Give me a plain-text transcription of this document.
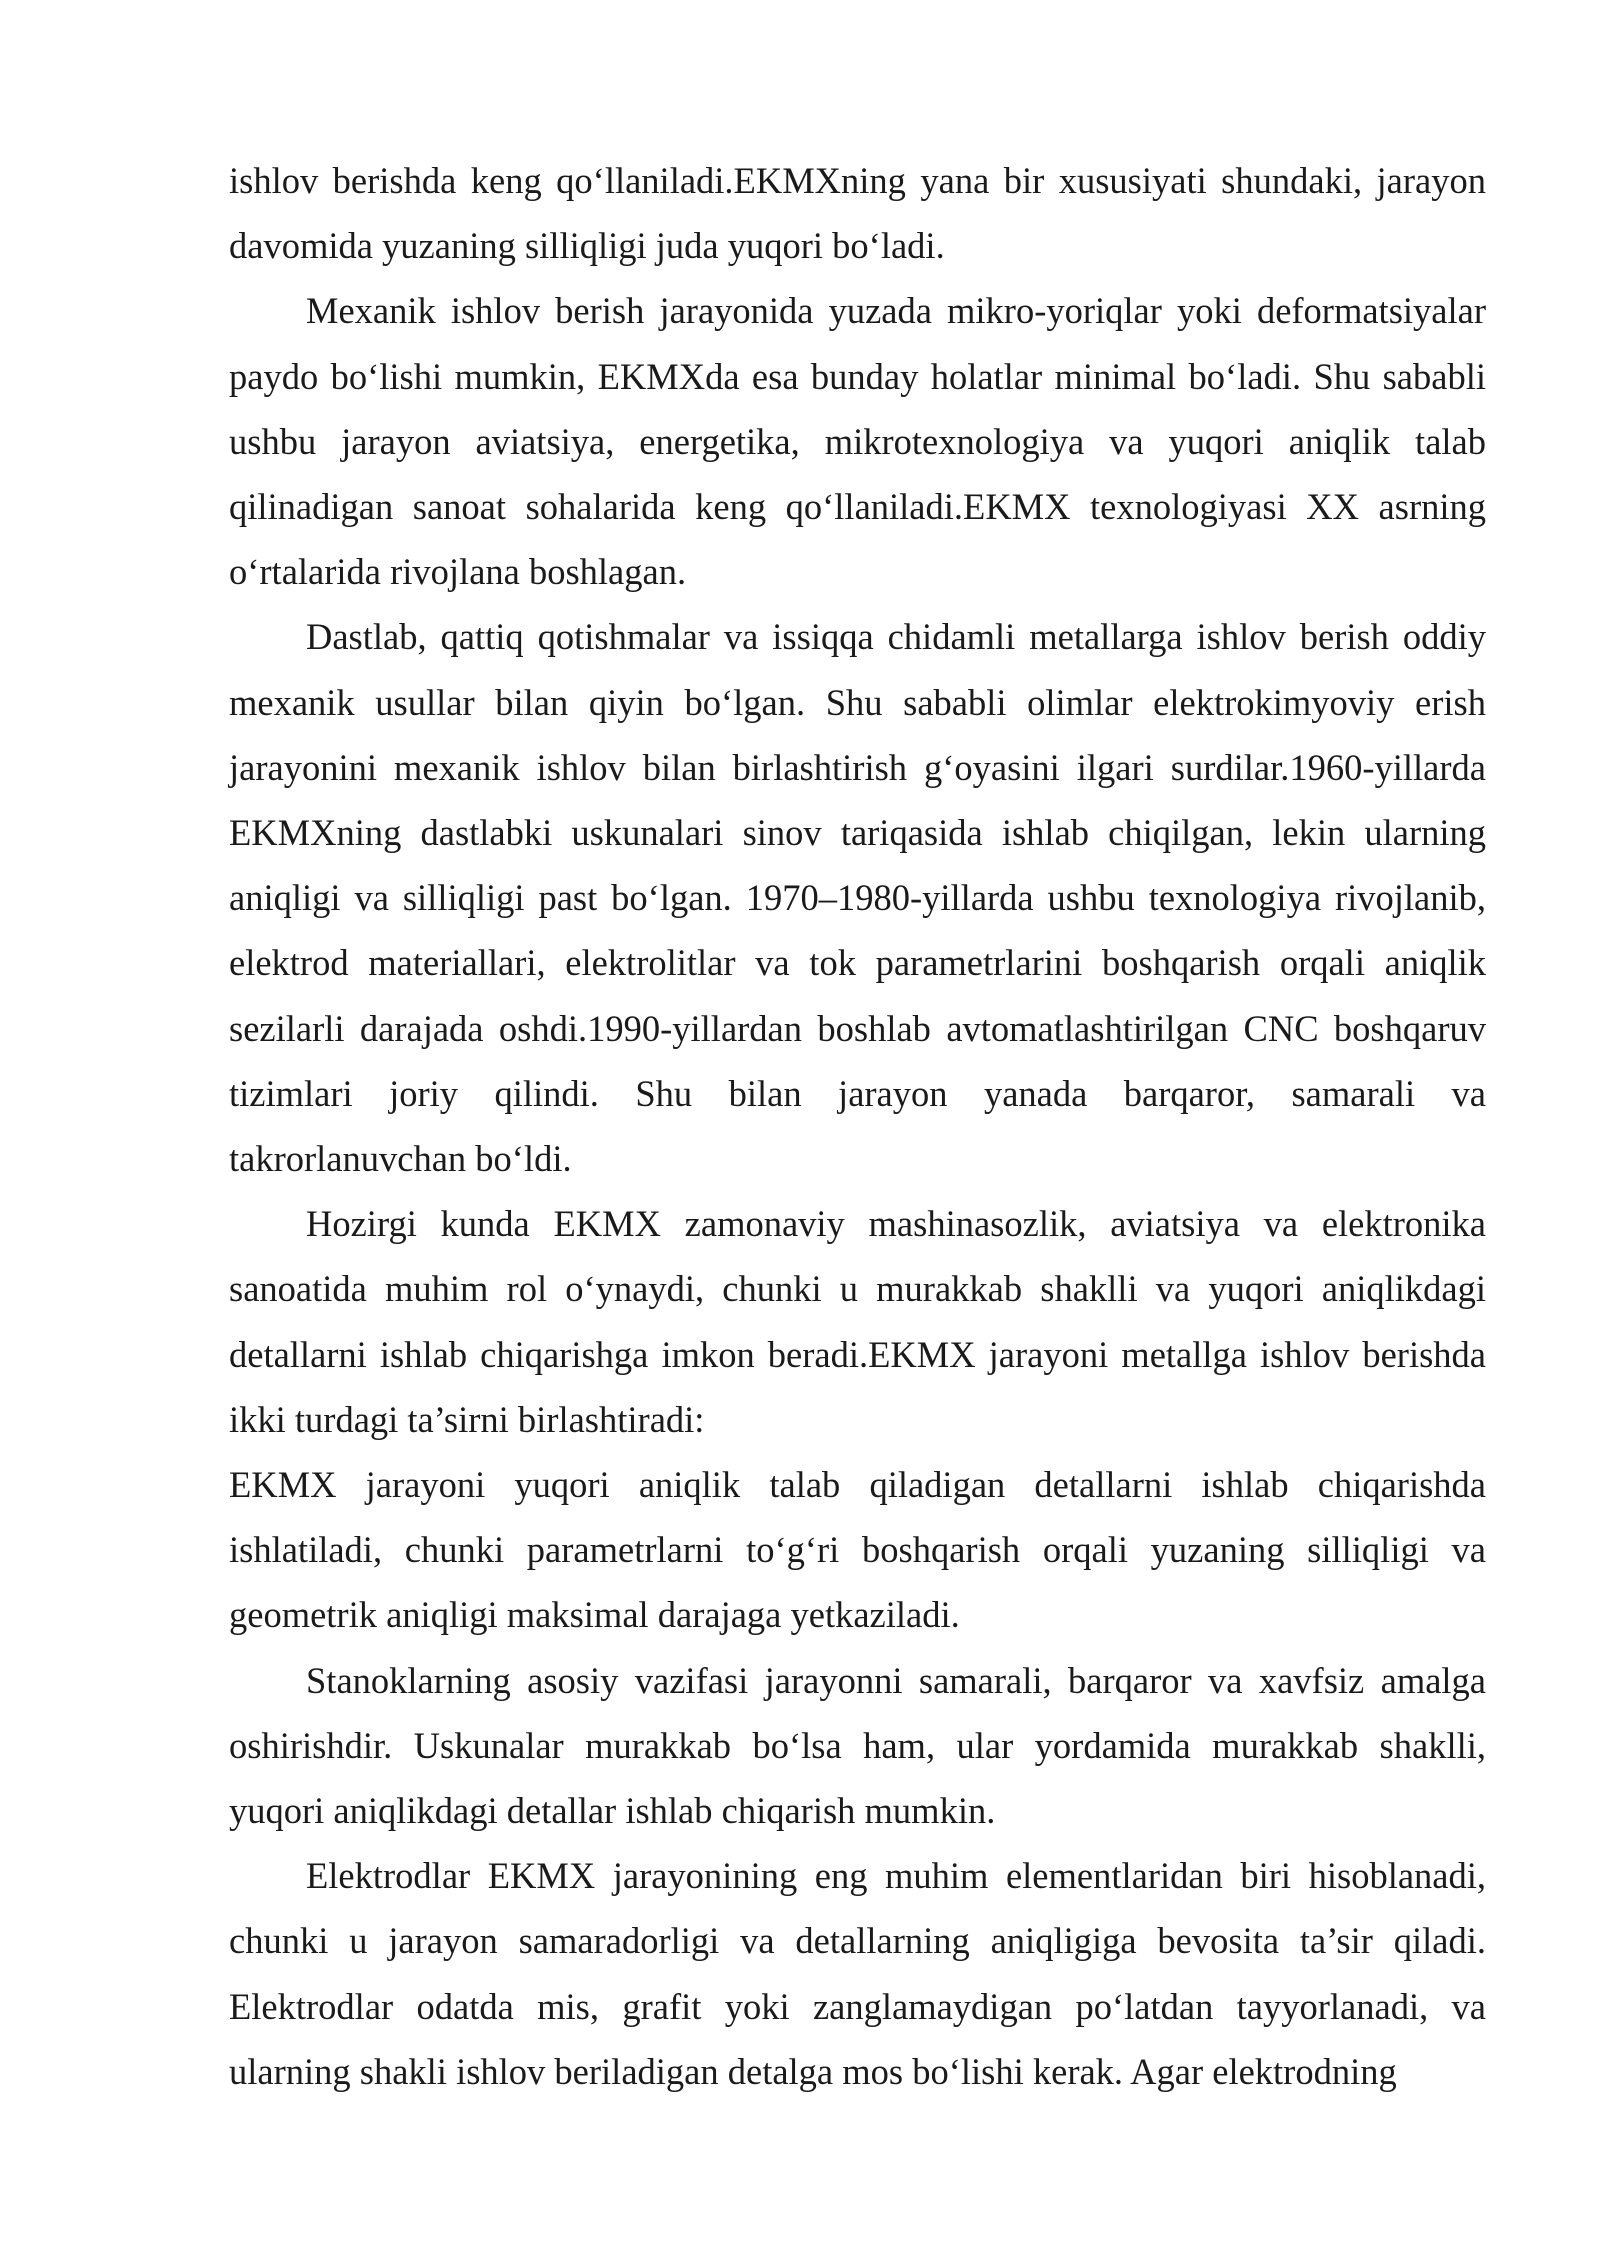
ishlov berishda keng qo‘llaniladi.EKMXning yana bir xususiyati shundaki, jarayon davomida yuzaning silliqligi juda yuqori bo‘ladi.

Mexanik ishlov berish jarayonida yuzada mikro-yoriqlar yoki deformatsiyalar paydo bo‘lishi mumkin, EKMXda esa bunday holatlar minimal bo‘ladi. Shu sababli ushbu jarayon aviatsiya, energetika, mikrotexnologiya va yuqori aniqlik talab qilinadigan sanoat sohalarida keng qo‘llaniladi.EKMX texnologiyasi XX asrning o‘rtalarida rivojlana boshlagan.

Dastlab, qattiq qotishmalar va issiqqa chidamli metallarga ishlov berish oddiy mexanik usullar bilan qiyin bo‘lgan. Shu sababli olimlar elektrokimyoviy erish jarayonini mexanik ishlov bilan birlashtirish g‘oyasini ilgari surdilar.1960-yillarda EKMXning dastlabki uskunalari sinov tariqasida ishlab chiqilgan, lekin ularning aniqligi va silliqligi past bo‘lgan. 1970–1980-yillarda ushbu texnologiya rivojlanib, elektrod materiallari, elektrolitlar va tok parametrlarini boshqarish orqali aniqlik sezilarli darajada oshdi.1990-yillardan boshlab avtomatlashtirilgan CNC boshqaruv tizimlari joriy qilindi. Shu bilan jarayon yanada barqaror, samarali va takrorlanuvchan bo‘ldi.

Hozirgi kunda EKMX zamonaviy mashinasozlik, aviatsiya va elektronika sanoatida muhim rol o‘ynaydi, chunki u murakkab shaklli va yuqori aniqlikdagi detallarni ishlab chiqarishga imkon beradi.EKMX jarayoni metallga ishlov berishda ikki turdagi ta’sirni birlashtiradi:

EKMX jarayoni yuqori aniqlik talab qiladigan detallarni ishlab chiqarishda ishlatiladi, chunki parametrlarni to‘g‘ri boshqarish orqali yuzaning silliqligi va geometrik aniqligi maksimal darajaga yetkaziladi.

Stanoklarning asosiy vazifasi jarayonni samarali, barqaror va xavfsiz amalga oshirishdir. Uskunalar murakkab bo‘lsa ham, ular yordamida murakkab shaklli, yuqori aniqlikdagi detallar ishlab chiqarish mumkin.

Elektrodlar EKMX jarayonining eng muhim elementlaridan biri hisoblanadi, chunki u jarayon samaradorligi va detallarning aniqligiga bevosita ta’sir qiladi. Elektrodlar odatda mis, grafit yoki zanglamaydigan po‘latdan tayyorlanadi, va ularning shakli ishlov beriladigan detalga mos bo‘lishi kerak. Agar elektrodning
